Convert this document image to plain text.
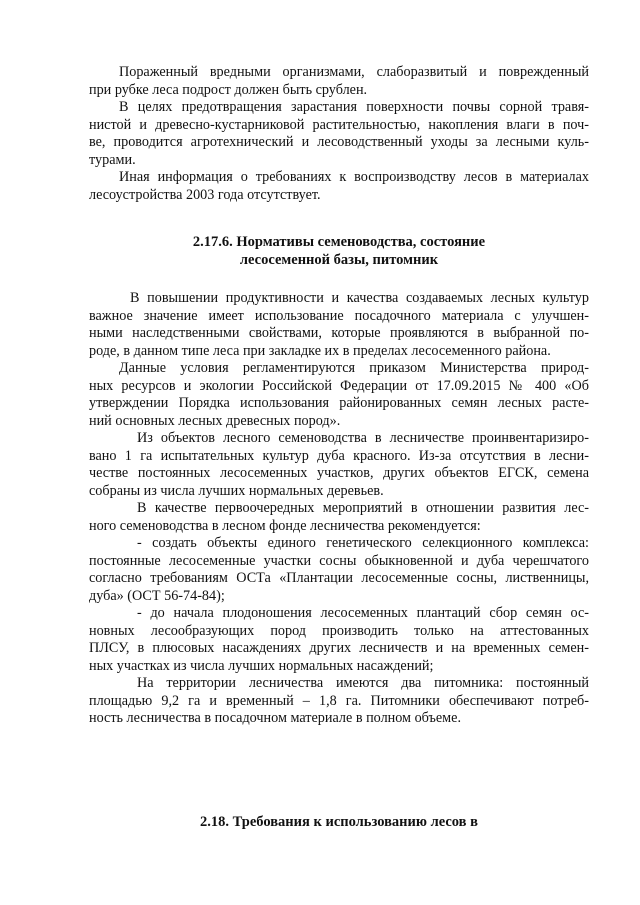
Пораженный вредными организмами, слаборазвитый и поврежденный
при рубке леса подрост должен быть срублен.
В целях предотвращения зарастания поверхности почвы сорной травя-
нистой и древесно-кустарниковой растительностью, накопления влаги в поч-
ве, проводится агротехнический и лесоводственный уходы за лесными куль-
турами.
Иная информация о требованиях к воспроизводству лесов в материалах
лесоустройства 2003 года отсутствует.
2.17.6. Нормативы семеноводства, состояние
лесосеменной базы, питомник
В повышении продуктивности и качества создаваемых лесных культур
важное значение имеет использование посадочного материала с улучшен-
ными наследственными свойствами, которые проявляются в выбранной по-
роде, в данном типе леса при закладке их в пределах лесосеменного района.
Данные условия регламентируются приказом Министерства природ-
ных ресурсов и экологии Российской Федерации от 17.09.2015 № 400 «Об
утверждении Порядка использования районированных семян лесных расте-
ний основных лесных древесных пород».
Из объектов лесного семеноводства в лесничестве проинвентаризиро-
вано 1 га испытательных культур дуба красного. Из-за отсутствия в лесни-
честве постоянных лесосеменных участков, других объектов ЕГСК, семена
собраны из числа лучших нормальных деревьев.
В качестве первоочередных мероприятий в отношении развития лес-
ного семеноводства в лесном фонде лесничества рекомендуется:
- создать объекты единого генетического селекционного комплекса:
постоянные лесосеменные участки сосны обыкновенной и дуба черешчатого
согласно требованиям ОСТа «Плантации лесосеменные сосны, лиственницы,
дуба» (ОСТ 56-74-84);
- до начала плодоношения лесосеменных плантаций сбор семян ос-
новных лесообразующих пород производить только на аттестованных
ПЛСУ, в плюсовых насаждениях других лесничеств и на временных семен-
ных участках из числа лучших нормальных насаждений;
На территории лесничества имеются два питомника: постоянный
площадью 9,2 га и временный – 1,8 га. Питомники обеспечивают потреб-
ность лесничества в посадочном материале в полном объеме.
2.18. Требования к использованию лесов в
